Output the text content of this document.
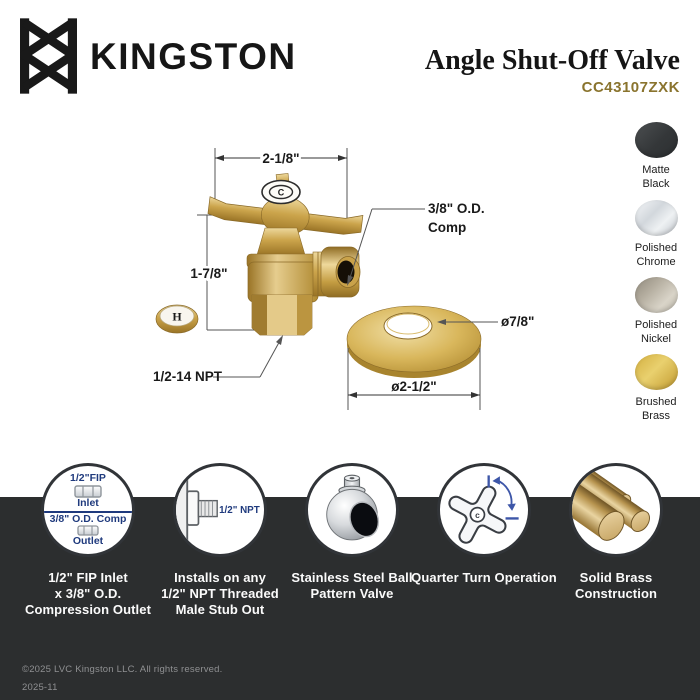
KINGSTON	Angle Shut-Off Valve
CC43107ZXK
2-1/8"
C
H
1-7/8"
3/8" O.D.
Comp
1/2-14 NPT
ø7/8"
ø2-1/2"
Matte
Black
Polished
Chrome
Polished
Nickel
Brushed
Brass
1/2"FIP
Inlet
3/8" O.D. Comp
Outlet
1/2" NPT	c
1/2" FIP Inlet
x 3/8" O.D.
Compression Outlet
Installs on any
1/2" NPT Threaded
Male Stub Out
Stainless Steel Ball
Pattern Valve
Quarter Turn Operation	Solid Brass
Construction
©2025 LVC Kingston LLC. All rights reserved.
2025-11
